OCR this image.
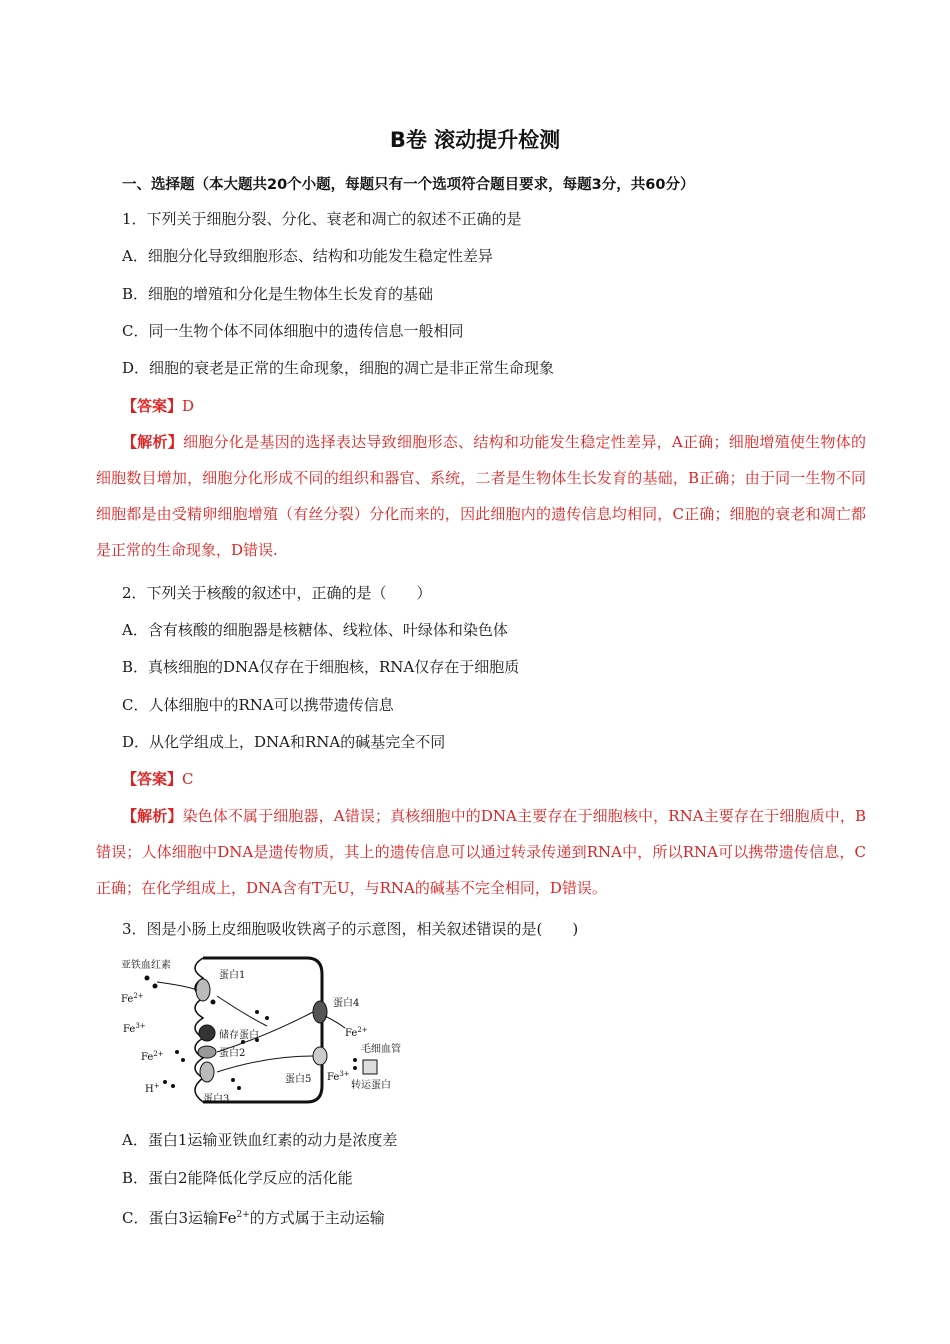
B卷 滚动提升检测
一、选择题（本大题共20个小题，每题只有一个选项符合题目要求，每题3分，共60分）
1．下列关于细胞分裂、分化、衰老和凋亡的叙述不正确的是
A．细胞分化导致细胞形态、结构和功能发生稳定性差异
B．细胞的增殖和分化是生物体生长发育的基础
C．同一生物个体不同体细胞中的遗传信息一般相同
D．细胞的衰老是正常的生命现象，细胞的凋亡是非正常生命现象
【答案】D
【解析】细胞分化是基因的选择表达导致细胞形态、结构和功能发生稳定性差异，A正确；细胞增殖使生物体的细胞数目增加，细胞分化形成不同的组织和器官、系统，二者是生物体生长发育的基础，B正确；由于同一生物不同细胞都是由受精卵细胞增殖（有丝分裂）分化而来的，因此细胞内的遗传信息均相同，C正确；细胞的衰老和凋亡都是正常的生命现象，D错误.
2．下列关于核酸的叙述中，正确的是（　　）
A．含有核酸的细胞器是核糖体、线粒体、叶绿体和染色体
B．真核细胞的DNA仅存在于细胞核，RNA仅存在于细胞质
C．人体细胞中的RNA可以携带遗传信息
D．从化学组成上，DNA和RNA的碱基完全不同
【答案】C
【解析】染色体不属于细胞器，A错误；真核细胞中的DNA主要存在于细胞核中，RNA主要存在于细胞质中，B错误；人体细胞中DNA是遗传物质，其上的遗传信息可以通过转录传递到RNA中，所以RNA可以携带遗传信息，C正确；在化学组成上，DNA含有T无U，与RNA的碱基不完全相同，D错误。
3．图是小肠上皮细胞吸收铁离子的示意图，相关叙述错误的是(　　)
亚铁血红素
$Fe^{2+}$
$Fe^{3+}$
$Fe^{2+}$
H+
蛋白1
储存蛋白
蛋白2
蛋白3
蛋白4
$Fe^{2+}$
毛细血管
蛋白5 $Fe^{3+}$
转运蛋白
A．蛋白1运输亚铁血红素的动力是浓度差
B．蛋白2能降低化学反应的活化能
C．蛋白3运输$Fe^{2+}$的方式属于主动运输
